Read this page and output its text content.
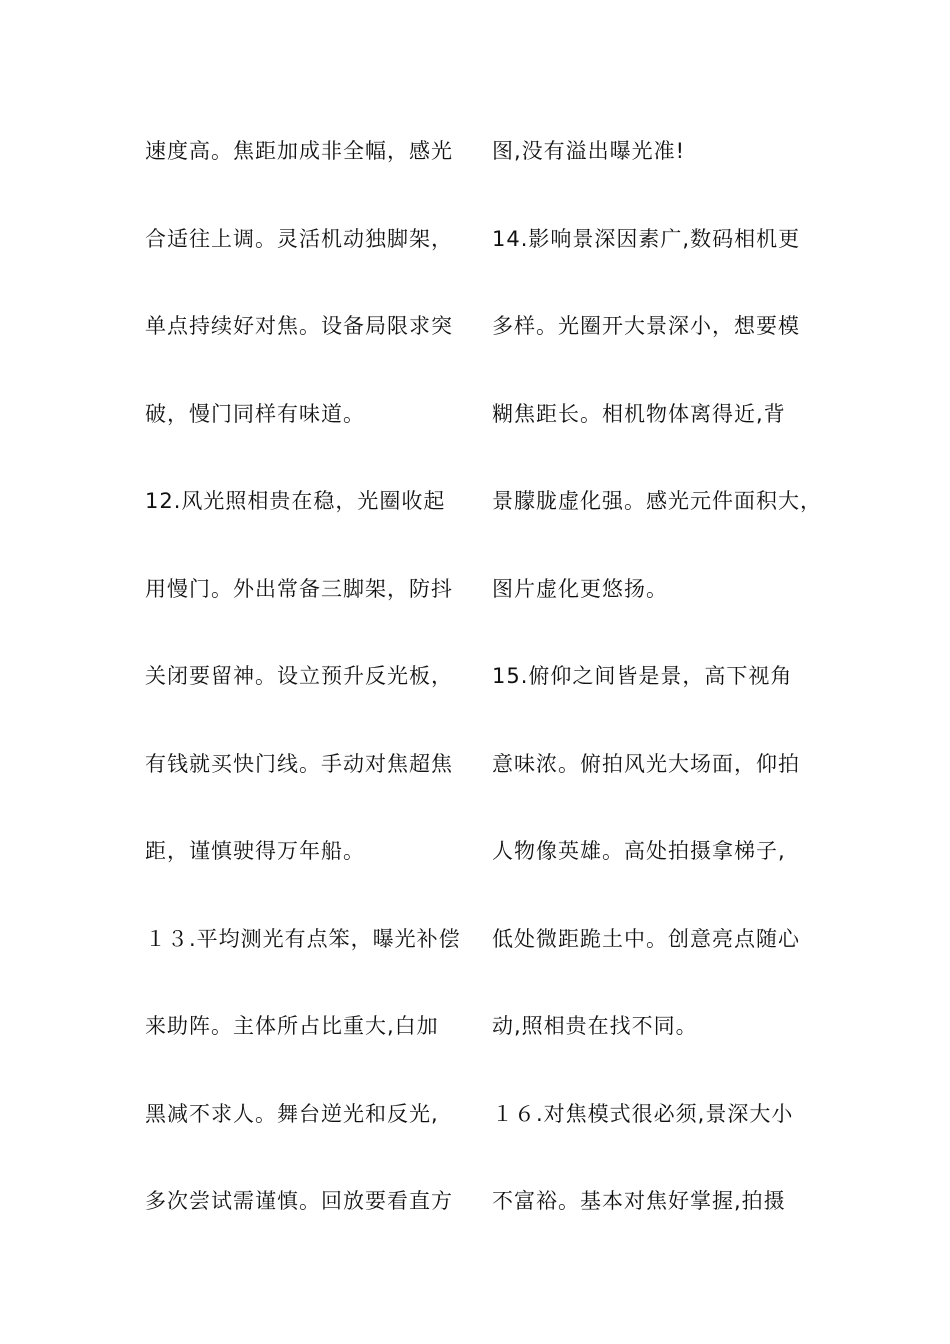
速度高。焦距加成非全幅，感光
合适往上调。灵活机动独脚架，
单点持续好对焦。设备局限求突
破，慢门同样有味道。
12.风光照相贵在稳，光圈收起
用慢门。外出常备三脚架，防抖
关闭要留神。设立预升反光板，
有钱就买快门线。手动对焦超焦
距，谨慎驶得万年船。
１３.平均测光有点笨，曝光补偿
来助阵。主体所占比重大,白加
黑减不求人。舞台逆光和反光,
多次尝试需谨慎。回放要看直方
图,没有溢出曝光准!
14.影响景深因素广,数码相机更
多样。光圈开大景深小，想要模
糊焦距长。相机物体离得近,背
景朦胧虚化强。感光元件面积大，
图片虚化更悠扬。
15.俯仰之间皆是景，高下视角
意味浓。俯拍风光大场面，仰拍
人物像英雄。高处拍摄拿梯子,
低处微距跪土中。创意亮点随心
动,照相贵在找不同。
１６.对焦模式很必须,景深大小
不富裕。基本对焦好掌握,拍摄
